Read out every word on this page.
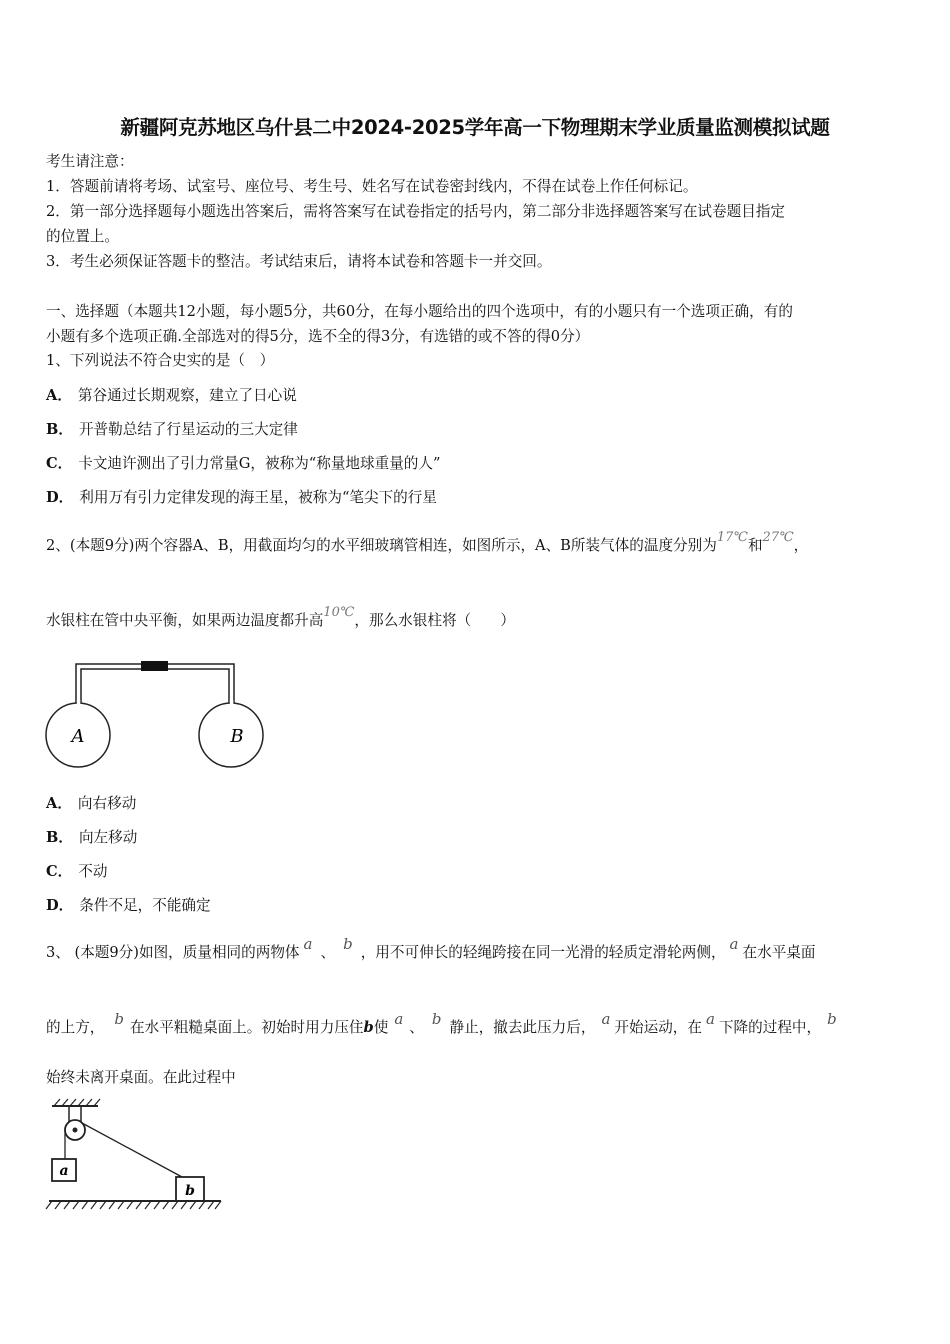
新疆阿克苏地区乌什县二中2024-2025学年高一下物理期末学业质量监测模拟试题
考生请注意：
1．答题前请将考场、试室号、座位号、考生号、姓名写在试卷密封线内，不得在试卷上作任何标记。
2．第一部分选择题每小题选出答案后，需将答案写在试卷指定的括号内，第二部分非选择题答案写在试卷题目指定
的位置上。
3．考生必须保证答题卡的整洁。考试结束后，请将本试卷和答题卡一并交回。
一、选择题（本题共12小题，每小题5分，共60分，在每小题给出的四个选项中，有的小题只有一个选项正确，有的
小题有多个选项正确.全部选对的得5分，选不全的得3分，有选错的或不答的得0分）
1、下列说法不符合史实的是（　）
A． 第谷通过长期观察，建立了日心说
B． 开普勒总结了行星运动的三大定律
C． 卡文迪许测出了引力常量G，被称为“称量地球重量的人”
D． 利用万有引力定律发现的海王星，被称为“笔尖下的行星
2、(本题9分)两个容器A、B，用截面均匀的水平细玻璃管相连，如图所示，A、B所装气体的温度分别为17℃和27℃，
水银柱在管中央平衡，如果两边温度都升高10℃，那么水银柱将（　　）
A	B
A． 向右移动
B． 向左移动
C． 不动
D． 条件不足，不能确定
3、 (本题9分)如图，质量相同的两物体 a 、 b ，用不可伸长的轻绳跨接在同一光滑的轻质定滑轮两侧， a 在水平桌面
的上方， b 在水平粗糙桌面上。初始时用力压住b使 a 、 b 静止，撤去此压力后， a 开始运动，在 a 下降的过程中， b
始终未离开桌面。在此过程中
a
b
